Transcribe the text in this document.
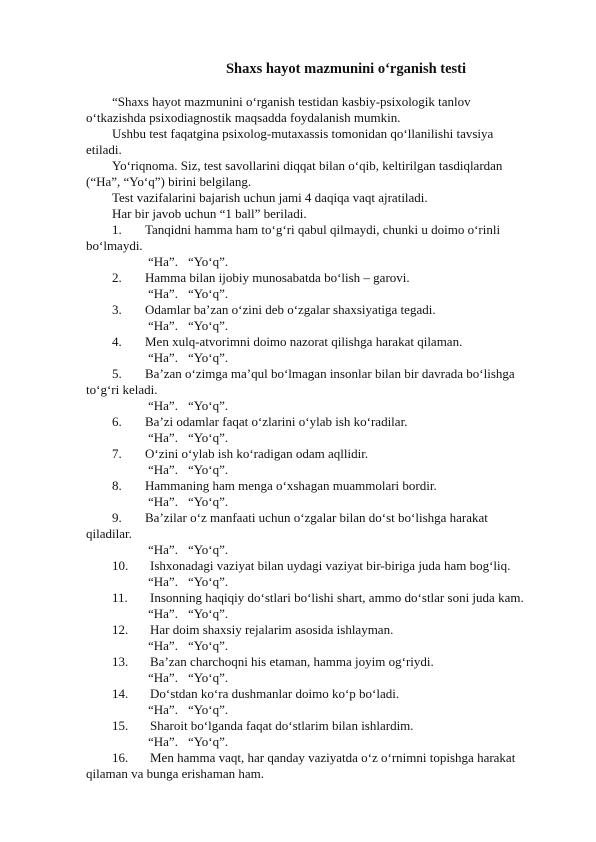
Shaxs hayot mazmunini oʻrganish testi
“Shaxs hayot mazmunini oʻrganish testidan kasbiy-psixologik tanlov
oʻtkazishda psixodiagnostik maqsadda foydalanish mumkin.
Ushbu test faqatgina psixolog-mutaxassis tomonidan qoʻllanilishi tavsiya
etiladi.
Yoʻriqnoma. Siz, test savollarini diqqat bilan oʻqib, keltirilgan tasdiqlardan
(“Ha”, “Yoʻq”) birini belgilang.
Test vazifalarini bajarish uchun jami 4 daqiqa vaqt ajratiladi.
Har bir javob uchun “1 ball” beriladi.
1. Tanqidni hamma ham toʻgʻri qabul qilmaydi, chunki u doimo oʻrinli
boʻlmaydi.
“Ha”. “Yoʻq”.
2. Hamma bilan ijobiy munosabatda boʻlish – garovi.
“Ha”. “Yoʻq”.
3. Odamlar baʼzan oʻzini deb oʻzgalar shaxsiyatiga tegadi.
“Ha”. “Yoʻq”.
4. Men xulq-atvorimni doimo nazorat qilishga harakat qilaman.
“Ha”. “Yoʻq”.
5. Baʼzan oʻzimga maʼqul boʻlmagan insonlar bilan bir davrada boʻlishga
toʻgʻri keladi.
“Ha”. “Yoʻq”.
6. Baʼzi odamlar faqat oʻzlarini oʻylab ish koʻradilar.
“Ha”. “Yoʻq”.
7. Oʻzini oʻylab ish koʻradigan odam aqllidir.
“Ha”. “Yoʻq”.
8. Hammaning ham menga oʻxshagan muammolari bordir.
“Ha”. “Yoʻq”.
9. Baʼzilar oʻz manfaati uchun oʻzgalar bilan doʻst boʻlishga harakat
qiladilar.
“Ha”. “Yoʻq”.
10. Ishxonadagi vaziyat bilan uydagi vaziyat bir-biriga juda ham bogʻliq.
“Ha”. “Yoʻq”.
11. Insonning haqiqiy doʻstlari boʻlishi shart, ammo doʻstlar soni juda kam.
“Ha”. “Yoʻq”.
12. Har doim shaxsiy rejalarim asosida ishlayman.
“Ha”. “Yoʻq”.
13. Baʼzan charchoqni his etaman, hamma joyim ogʻriydi.
“Ha”. “Yoʻq”.
14. Doʻstdan koʻra dushmanlar doimo koʻp boʻladi.
“Ha”. “Yoʻq”.
15. Sharoit boʻlganda faqat doʻstlarim bilan ishlardim.
“Ha”. “Yoʻq”.
16. Men hamma vaqt, har qanday vaziyatda oʻz oʻrnimni topishga harakat
qilaman va bunga erishaman ham.
